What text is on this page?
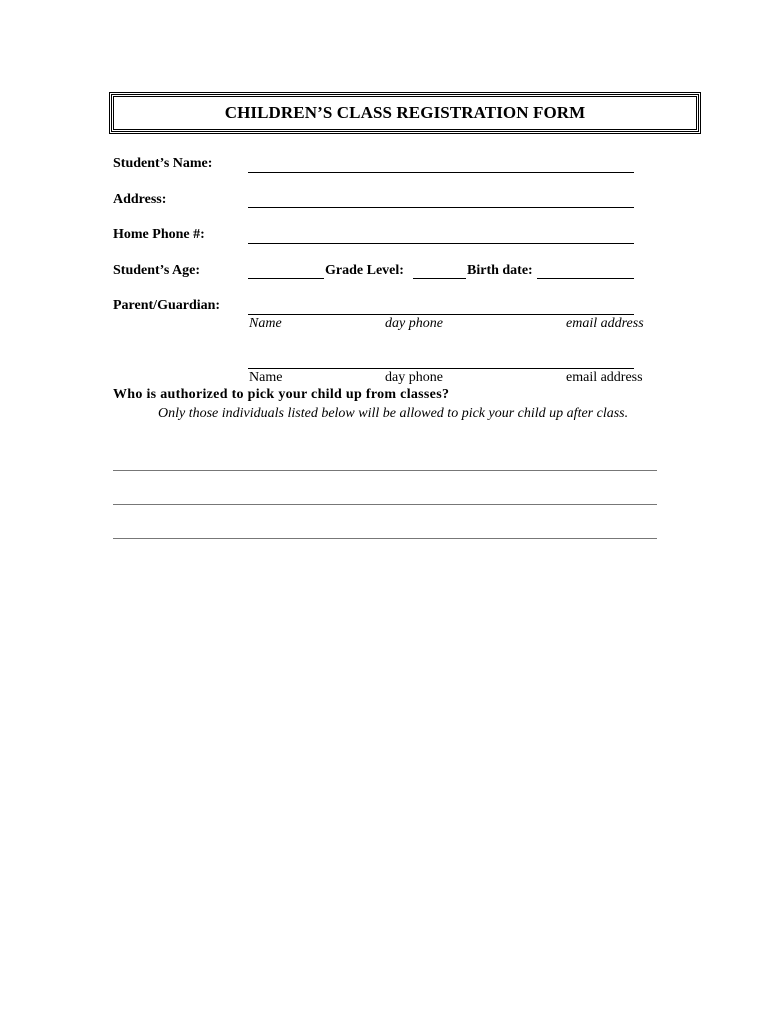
CHILDREN’S CLASS REGISTRATION FORM
Student’s Name:
Address:
Home Phone #:
Student’s Age:	Grade Level:	Birth date:
Parent/Guardian:
Name	day phone	email address
Name	day phone	email address
Who is authorized to pick your child up from classes?
Only those individuals listed below will be allowed to pick your child up after class.
